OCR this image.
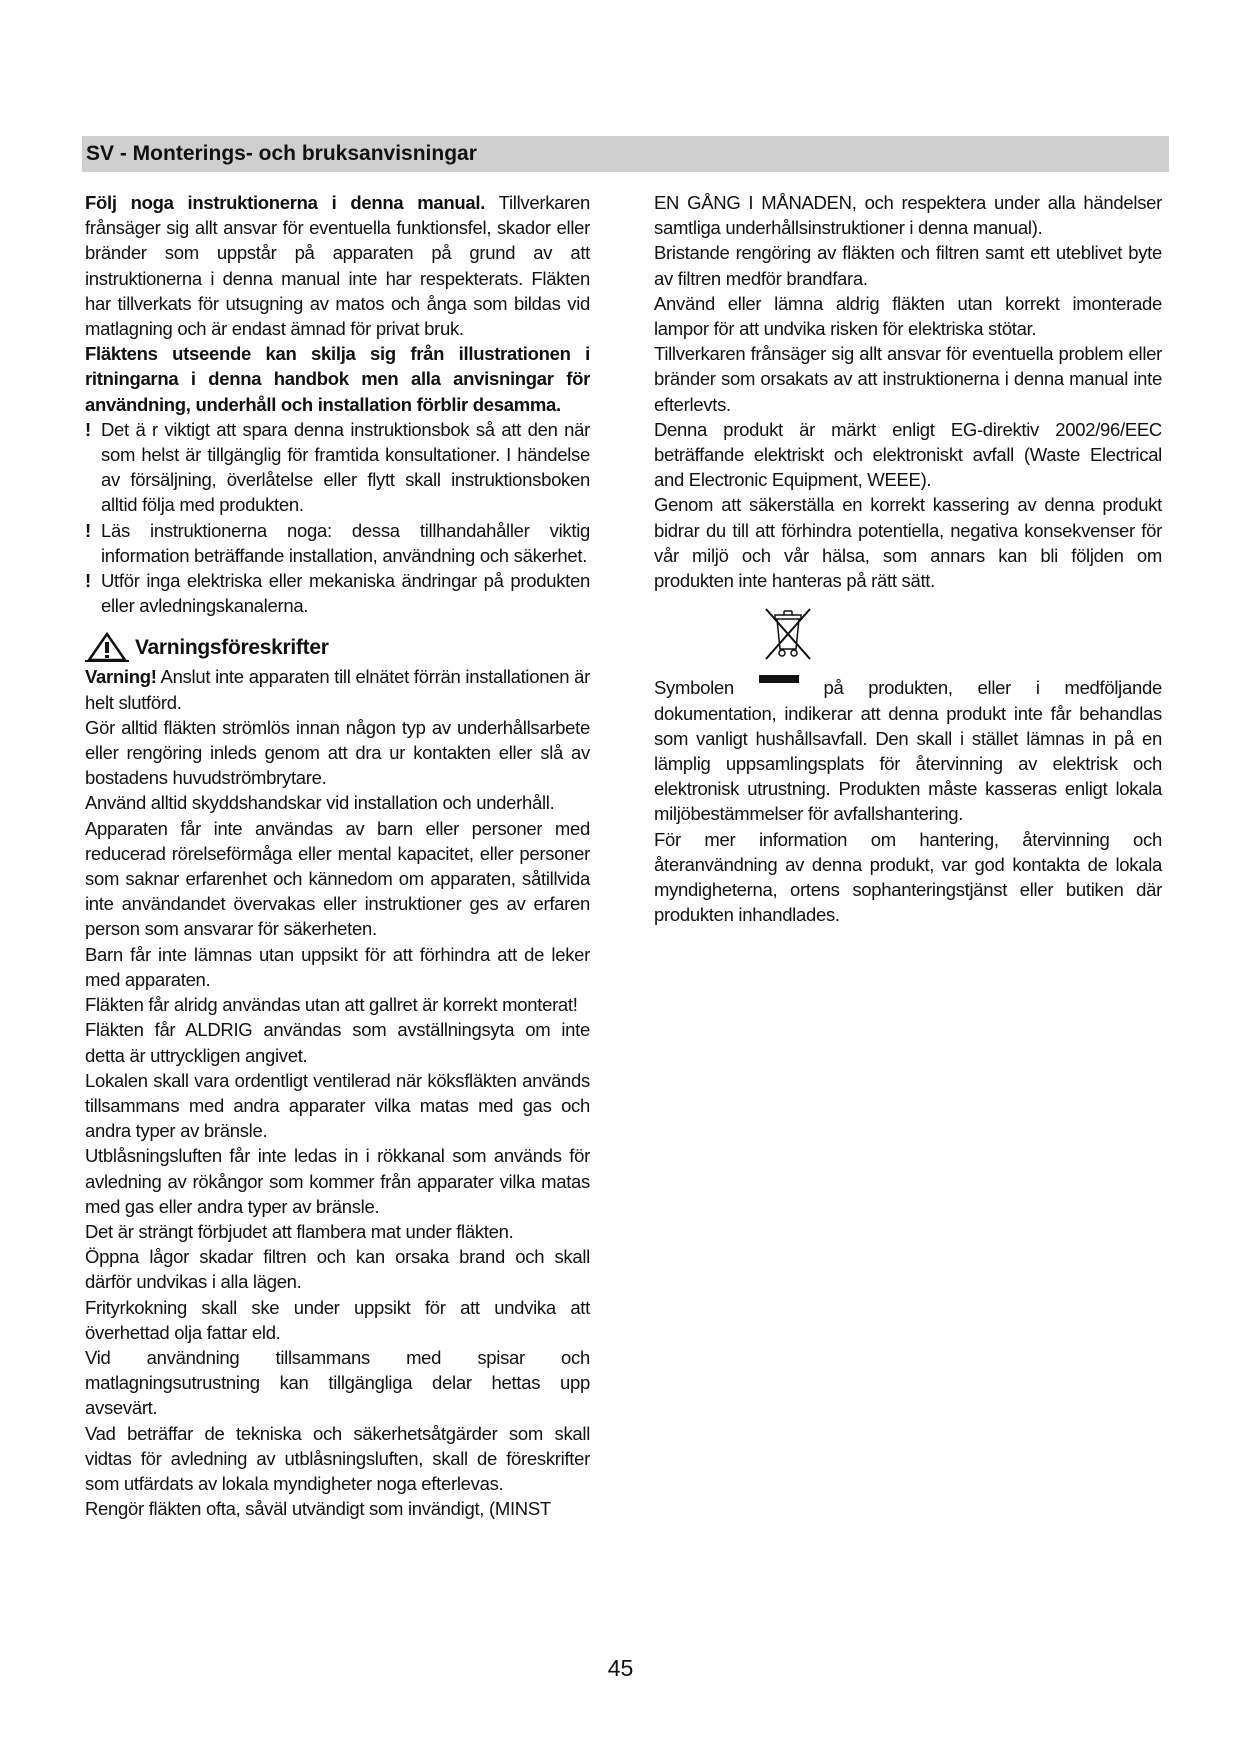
SV - Monterings- och bruksanvisningar

Följ noga instruktionerna i denna manual. Tillverkaren frånsäger sig allt ansvar för eventuella funktionsfel, skador eller bränder som uppstår på apparaten på grund av att instruktionerna i denna manual inte har respekterats. Fläkten har tillverkats för utsugning av matos och ånga som bildas vid matlagning och är endast ämnad för privat bruk.

Fläktens utseende kan skilja sig från illustrationen i ritningarna i denna handbok men alla anvisningar för användning, underhåll och installation förblir desamma.

! Det ä r viktigt att spara denna instruktionsbok så att den när som helst är tillgänglig för framtida konsultationer. I händelse av försäljning, överlåtelse eller flytt skall instruktionsboken alltid följa med produkten.
! Läs instruktionerna noga: dessa tillhandahåller viktig information beträffande installation, användning och säkerhet.
! Utför inga elektriska eller mekaniska ändringar på produkten eller avledningskanalerna.
Varningsföreskrifter

Varning! Anslut inte apparaten till elnätet förrän installationen är helt slutförd.

Gör alltid fläkten strömlös innan någon typ av underhållsarbete eller rengöring inleds genom att dra ur kontakten eller slå av bostadens huvudströmbrytare.

Använd alltid skyddshandskar vid installation och underhåll.

Apparaten får inte användas av barn eller personer med reducerad rörelseförmåga eller mental kapacitet, eller personer som saknar erfarenhet och kännedom om apparaten, såtillvida inte användandet övervakas eller instruktioner ges av erfaren person som ansvarar för säkerheten.

Barn får inte lämnas utan uppsikt för att förhindra att de leker med apparaten.

Fläkten får alridg användas utan att gallret är korrekt monterat!

Fläkten får ALDRIG användas som avställningsyta om inte detta är uttryckligen angivet.

Lokalen skall vara ordentligt ventilerad när köksfläkten används tillsammans med andra apparater vilka matas med gas och andra typer av bränsle.

Utblåsningsluften får inte ledas in i rökkanal som används för avledning av rökångor som kommer från apparater vilka matas med gas eller andra typer av bränsle.

Det är strängt förbjudet att flambera mat under fläkten.

Öppna lågor skadar filtren och kan orsaka brand och skall därför undvikas i alla lägen.

Frityrkokning skall ske under uppsikt för att undvika att överhettad olja fattar eld.

Vid användning tillsammans med spisar och matlagningsutrustning kan tillgängliga delar hettas upp avsevärt.

Vad beträffar de tekniska och säkerhetsåtgärder som skall vidtas för avledning av utblåsningsluften, skall de föreskrifter som utfärdats av lokala myndigheter noga efterlevas.

Rengör fläkten ofta, såväl utvändigt som invändigt, (MINST

EN GÅNG I MÅNADEN, och respektera under alla händelser samtliga underhållsinstruktioner i denna manual).

Bristande rengöring av fläkten och filtren samt ett uteblivet byte av filtren medför brandfara.

Använd eller lämna aldrig fläkten utan korrekt imonterade lampor för att undvika risken för elektriska stötar.

Tillverkaren frånsäger sig allt ansvar för eventuella problem eller bränder som orsakats av att instruktionerna i denna manual inte efterlevts.

Denna produkt är märkt enligt EG-direktiv 2002/96/EEC beträffande elektriskt och elektroniskt avfall (Waste Electrical and Electronic Equipment, WEEE).

Genom att säkerställa en korrekt kassering av denna produkt bidrar du till att förhindra potentiella, negativa konsekvenser för vår miljö och vår hälsa, som annars kan bli följden om produkten inte hanteras på rätt sätt.

Symbolen	på produkten, eller i medföljande

dokumentation, indikerar att denna produkt inte får behandlas som vanligt hushållsavfall. Den skall i stället lämnas in på en lämplig uppsamlingsplats för återvinning av elektrisk och elektronisk utrustning. Produkten måste kasseras enligt lokala miljöbestämmelser för avfallshantering.

För mer information om hantering, återvinning och återanvändning av denna produkt, var god kontakta de lokala myndigheterna, ortens sophanteringstjänst eller butiken där produkten inhandlades.

45
